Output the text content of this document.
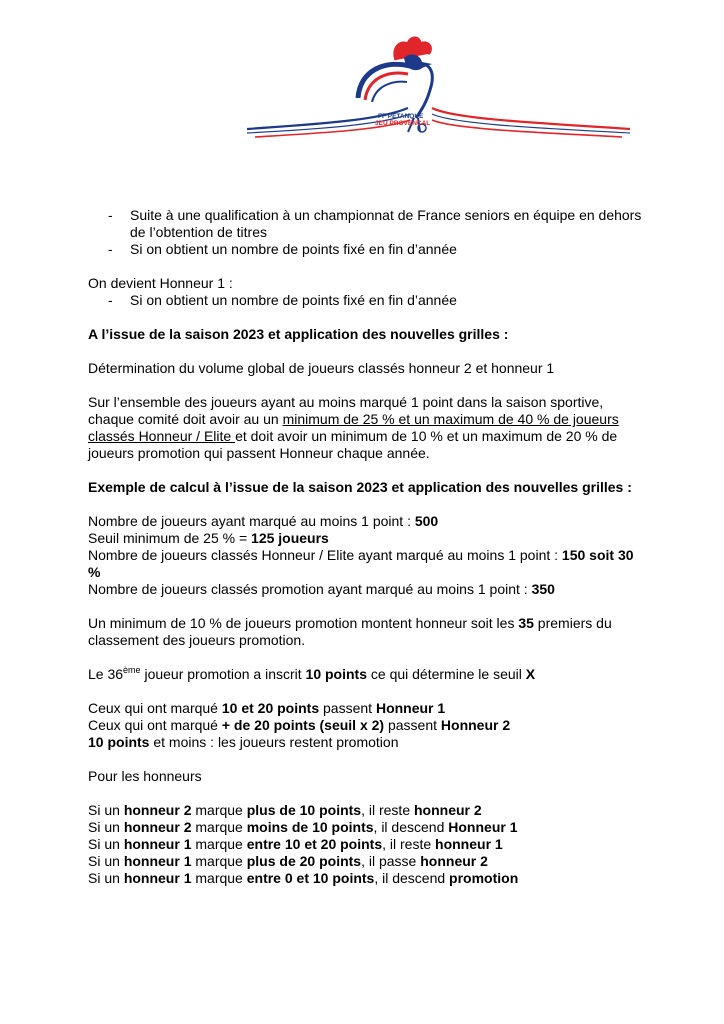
FF PETANQUE
JEU PROVENCAL
- Suite à une qualification à un championnat de France seniors en équipe en dehors de l’obtention de titres
- Si on obtient un nombre de points fixé en fin d’année

On devient Honneur 1 :

- Si on obtient un nombre de points fixé en fin d’année

A l’issue de la saison 2023 et application des nouvelles grilles :

Détermination du volume global de joueurs classés honneur 2 et honneur 1

Sur l’ensemble des joueurs ayant au moins marqué 1 point dans la saison sportive, chaque comité doit avoir au un minimum de 25 % et un maximum de 40 % de joueurs classés Honneur / Elite et doit avoir un minimum de 10 % et un maximum de 20 % de joueurs promotion qui passent Honneur chaque année.

Exemple de calcul à l’issue de la saison 2023 et application des nouvelles grilles :

Nombre de joueurs ayant marqué au moins 1 point : 500

Seuil minimum de 25 % = 125 joueurs

Nombre de joueurs classés Honneur / Elite ayant marqué au moins 1 point : 150 soit 30 %

Nombre de joueurs classés promotion ayant marqué au moins 1 point : 350

Un minimum de 10 % de joueurs promotion montent honneur soit les 35 premiers du classement des joueurs promotion.

Le 36ème joueur promotion a inscrit 10 points ce qui détermine le seuil X

Ceux qui ont marqué 10 et 20 points passent Honneur 1

Ceux qui ont marqué + de 20 points (seuil x 2) passent Honneur 2

10 points et moins : les joueurs restent promotion

Pour les honneurs

Si un honneur 2 marque plus de 10 points, il reste honneur 2

Si un honneur 2 marque moins de 10 points, il descend Honneur 1

Si un honneur 1 marque entre 10 et 20 points, il reste honneur 1

Si un honneur 1 marque plus de 20 points, il passe honneur 2

Si un honneur 1 marque entre 0 et 10 points, il descend promotion
